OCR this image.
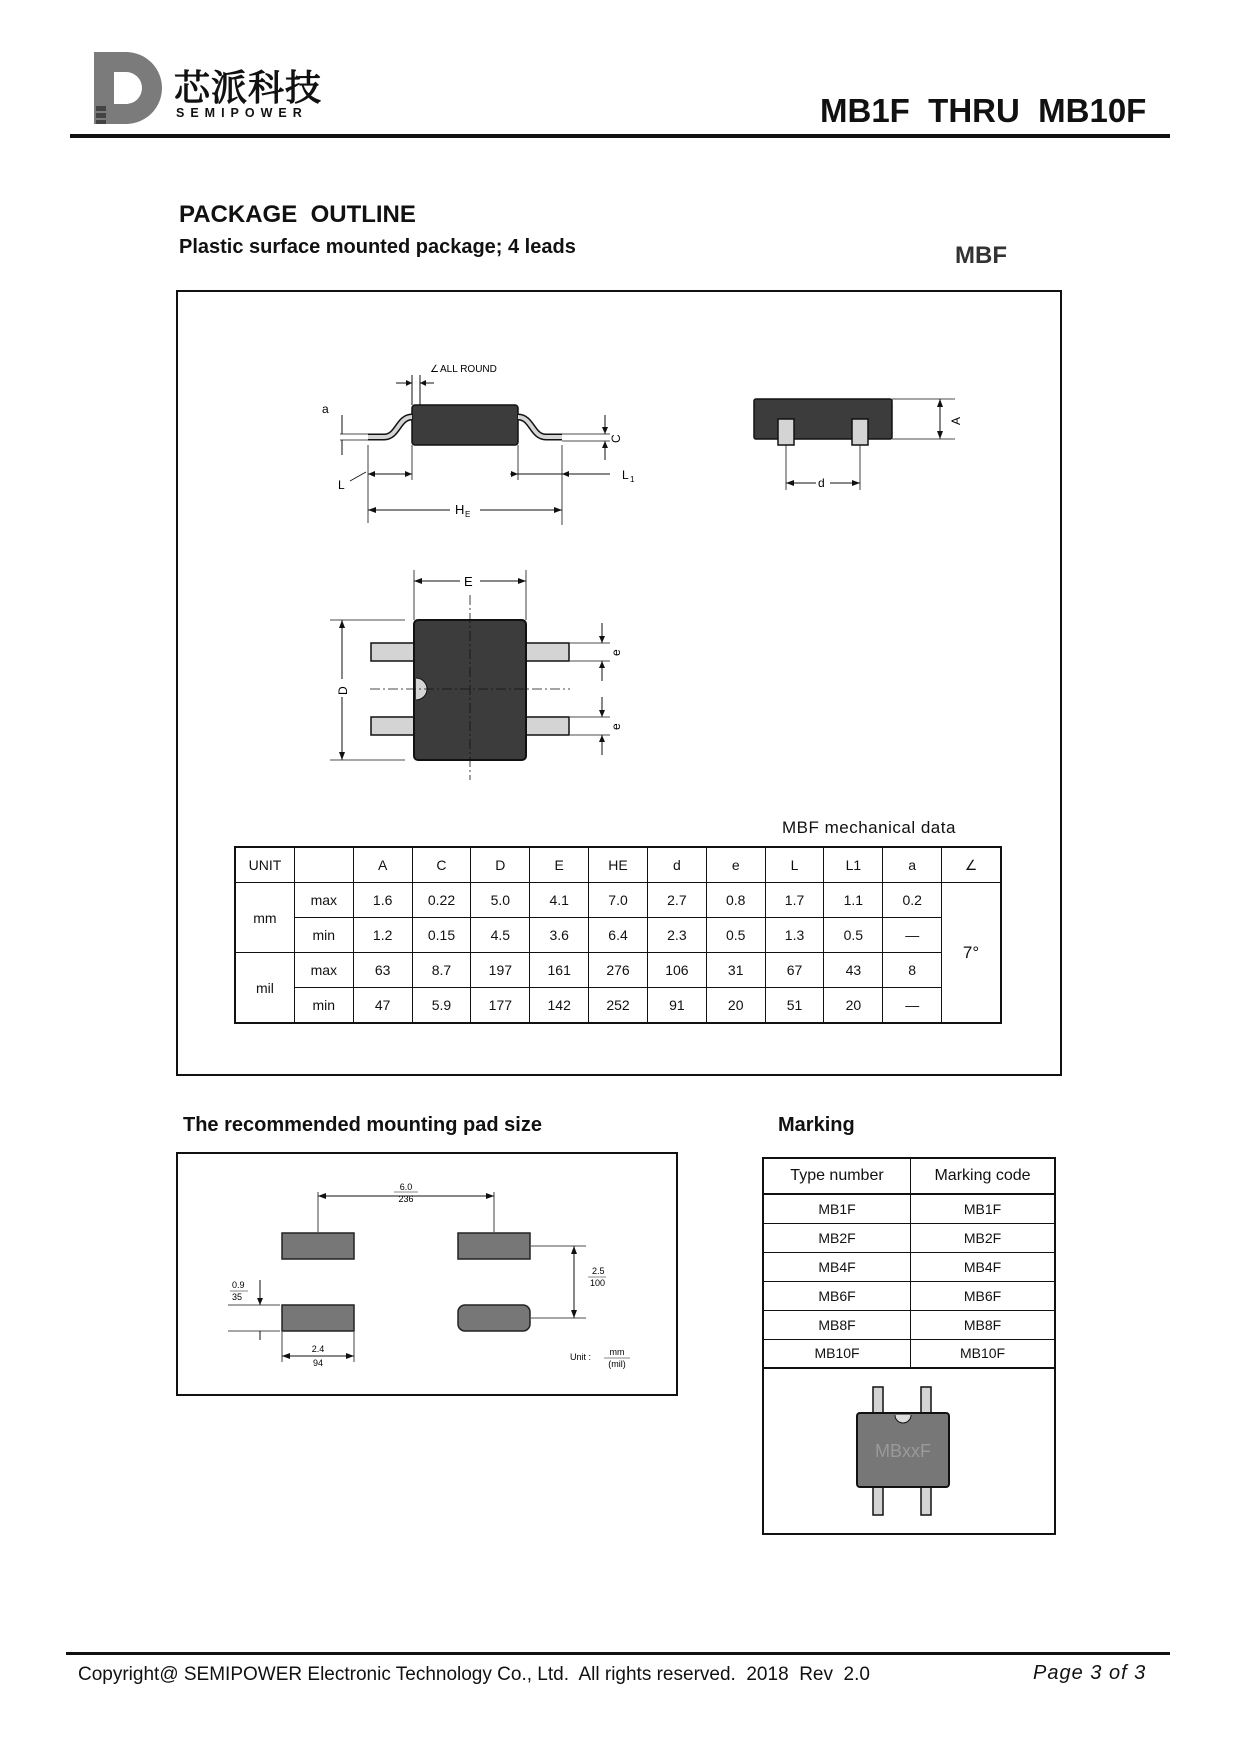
芯派科技
SEMIPOWER	MB1F  THRU  MB10F
PACKAGE  OUTLINE
Plastic surface mounted package; 4 leads	MBF
ALL ROUND
∠
a
C
L
L 1
H E
A
d
E
D
e
e
MBF mechanical data
UNIT		A	C	D	E	HE	d	e	L	L1	a	∠
mm	max	1.6	0.22	5.0	4.1	7.0	2.7	0.8	1.7	1.1	0.2	7°
	min	1.2	0.15	4.5	3.6	6.4	2.3	0.5	1.3	0.5	—	
mil	max	63	8.7	197	161	276	106	31	67	43	8	
	min	47	5.9	177	142	252	91	20	51	20	—	
The recommended mounting pad size
6.0
236
2.5
100
0.9
35
2.4
94
Unit : mm
(mil)
Marking
Type number	Marking code
MB1F	MB1F
MB2F	MB2F
MB4F	MB4F
MB6F	MB6F
MB8F	MB8F
MB10F	MB10F

MBxxF	
Copyright@ SEMIPOWER Electronic Technology Co., Ltd.  All rights reserved.  2018  Rev  2.0	Page 3 of 3
